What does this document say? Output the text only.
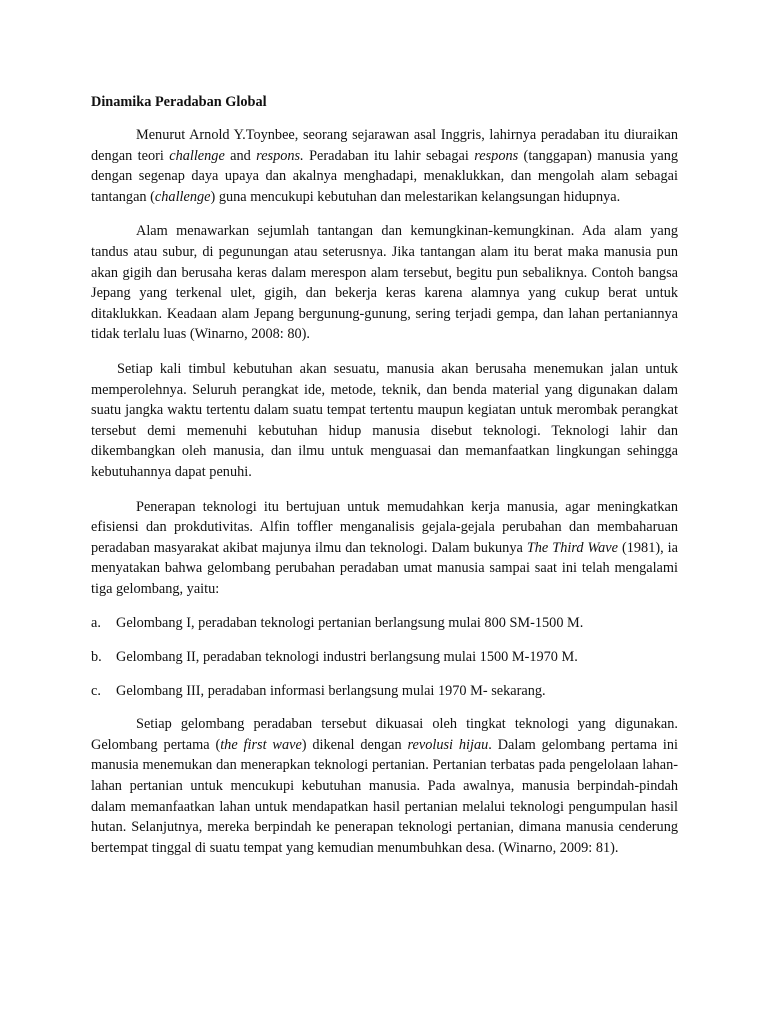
Dinamika Peradaban Global

Menurut Arnold Y.Toynbee, seorang sejarawan asal Inggris, lahirnya peradaban itu diuraikan dengan teori challenge and respons. Peradaban itu lahir sebagai respons (tanggapan) manusia yang dengan segenap daya upaya dan akalnya menghadapi, menaklukkan, dan mengolah alam sebagai tantangan (challenge) guna mencukupi kebutuhan dan melestarikan kelangsungan hidupnya.

Alam menawarkan sejumlah tantangan dan kemungkinan-kemungkinan. Ada alam yang tandus atau subur, di pegunungan atau seterusnya. Jika tantangan alam itu berat maka manusia pun akan gigih dan berusaha keras dalam merespon alam tersebut, begitu pun sebaliknya. Contoh bangsa Jepang yang terkenal ulet, gigih, dan bekerja keras karena alamnya yang cukup berat untuk ditaklukkan. Keadaan alam Jepang bergunung-gunung, sering terjadi gempa, dan lahan pertaniannya tidak terlalu luas (Winarno, 2008: 80).

Setiap kali timbul kebutuhan akan sesuatu, manusia akan berusaha menemukan jalan untuk memperolehnya. Seluruh perangkat ide, metode, teknik, dan benda material yang digunakan dalam suatu jangka waktu tertentu dalam suatu tempat tertentu maupun kegiatan untuk merombak perangkat tersebut demi memenuhi kebutuhan hidup manusia disebut teknologi. Teknologi lahir dan dikembangkan oleh manusia, dan ilmu untuk menguasai dan memanfaatkan lingkungan sehingga kebutuhannya dapat penuhi.

Penerapan teknologi itu bertujuan untuk memudahkan kerja manusia, agar meningkatkan efisiensi dan prokdutivitas. Alfin toffler menganalisis gejala-gejala perubahan dan membaharuan peradaban masyarakat akibat majunya ilmu dan teknologi. Dalam bukunya The Third Wave (1981), ia menyatakan bahwa gelombang perubahan peradaban umat manusia sampai saat ini telah mengalami tiga gelombang, yaitu:

a.	Gelombang I, peradaban teknologi pertanian berlangsung mulai 800 SM-1500 M.
b. Gelombang II, peradaban teknologi industri berlangsung mulai 1500 M-1970 M.
c.	Gelombang III, peradaban informasi berlangsung mulai 1970 M- sekarang.

Setiap gelombang peradaban tersebut dikuasai oleh tingkat teknologi yang digunakan. Gelombang pertama (the first wave) dikenal dengan revolusi hijau. Dalam gelombang pertama ini manusia menemukan dan menerapkan teknologi pertanian. Pertanian terbatas pada pengelolaan lahan-lahan pertanian untuk mencukupi kebutuhan manusia. Pada awalnya, manusia berpindah-pindah dalam memanfaatkan lahan untuk mendapatkan hasil pertanian melalui teknologi pengumpulan hasil hutan. Selanjutnya, mereka berpindah ke penerapan teknologi pertanian, dimana manusia cenderung bertempat tinggal di suatu tempat yang kemudian menumbuhkan desa. (Winarno, 2009: 81).
